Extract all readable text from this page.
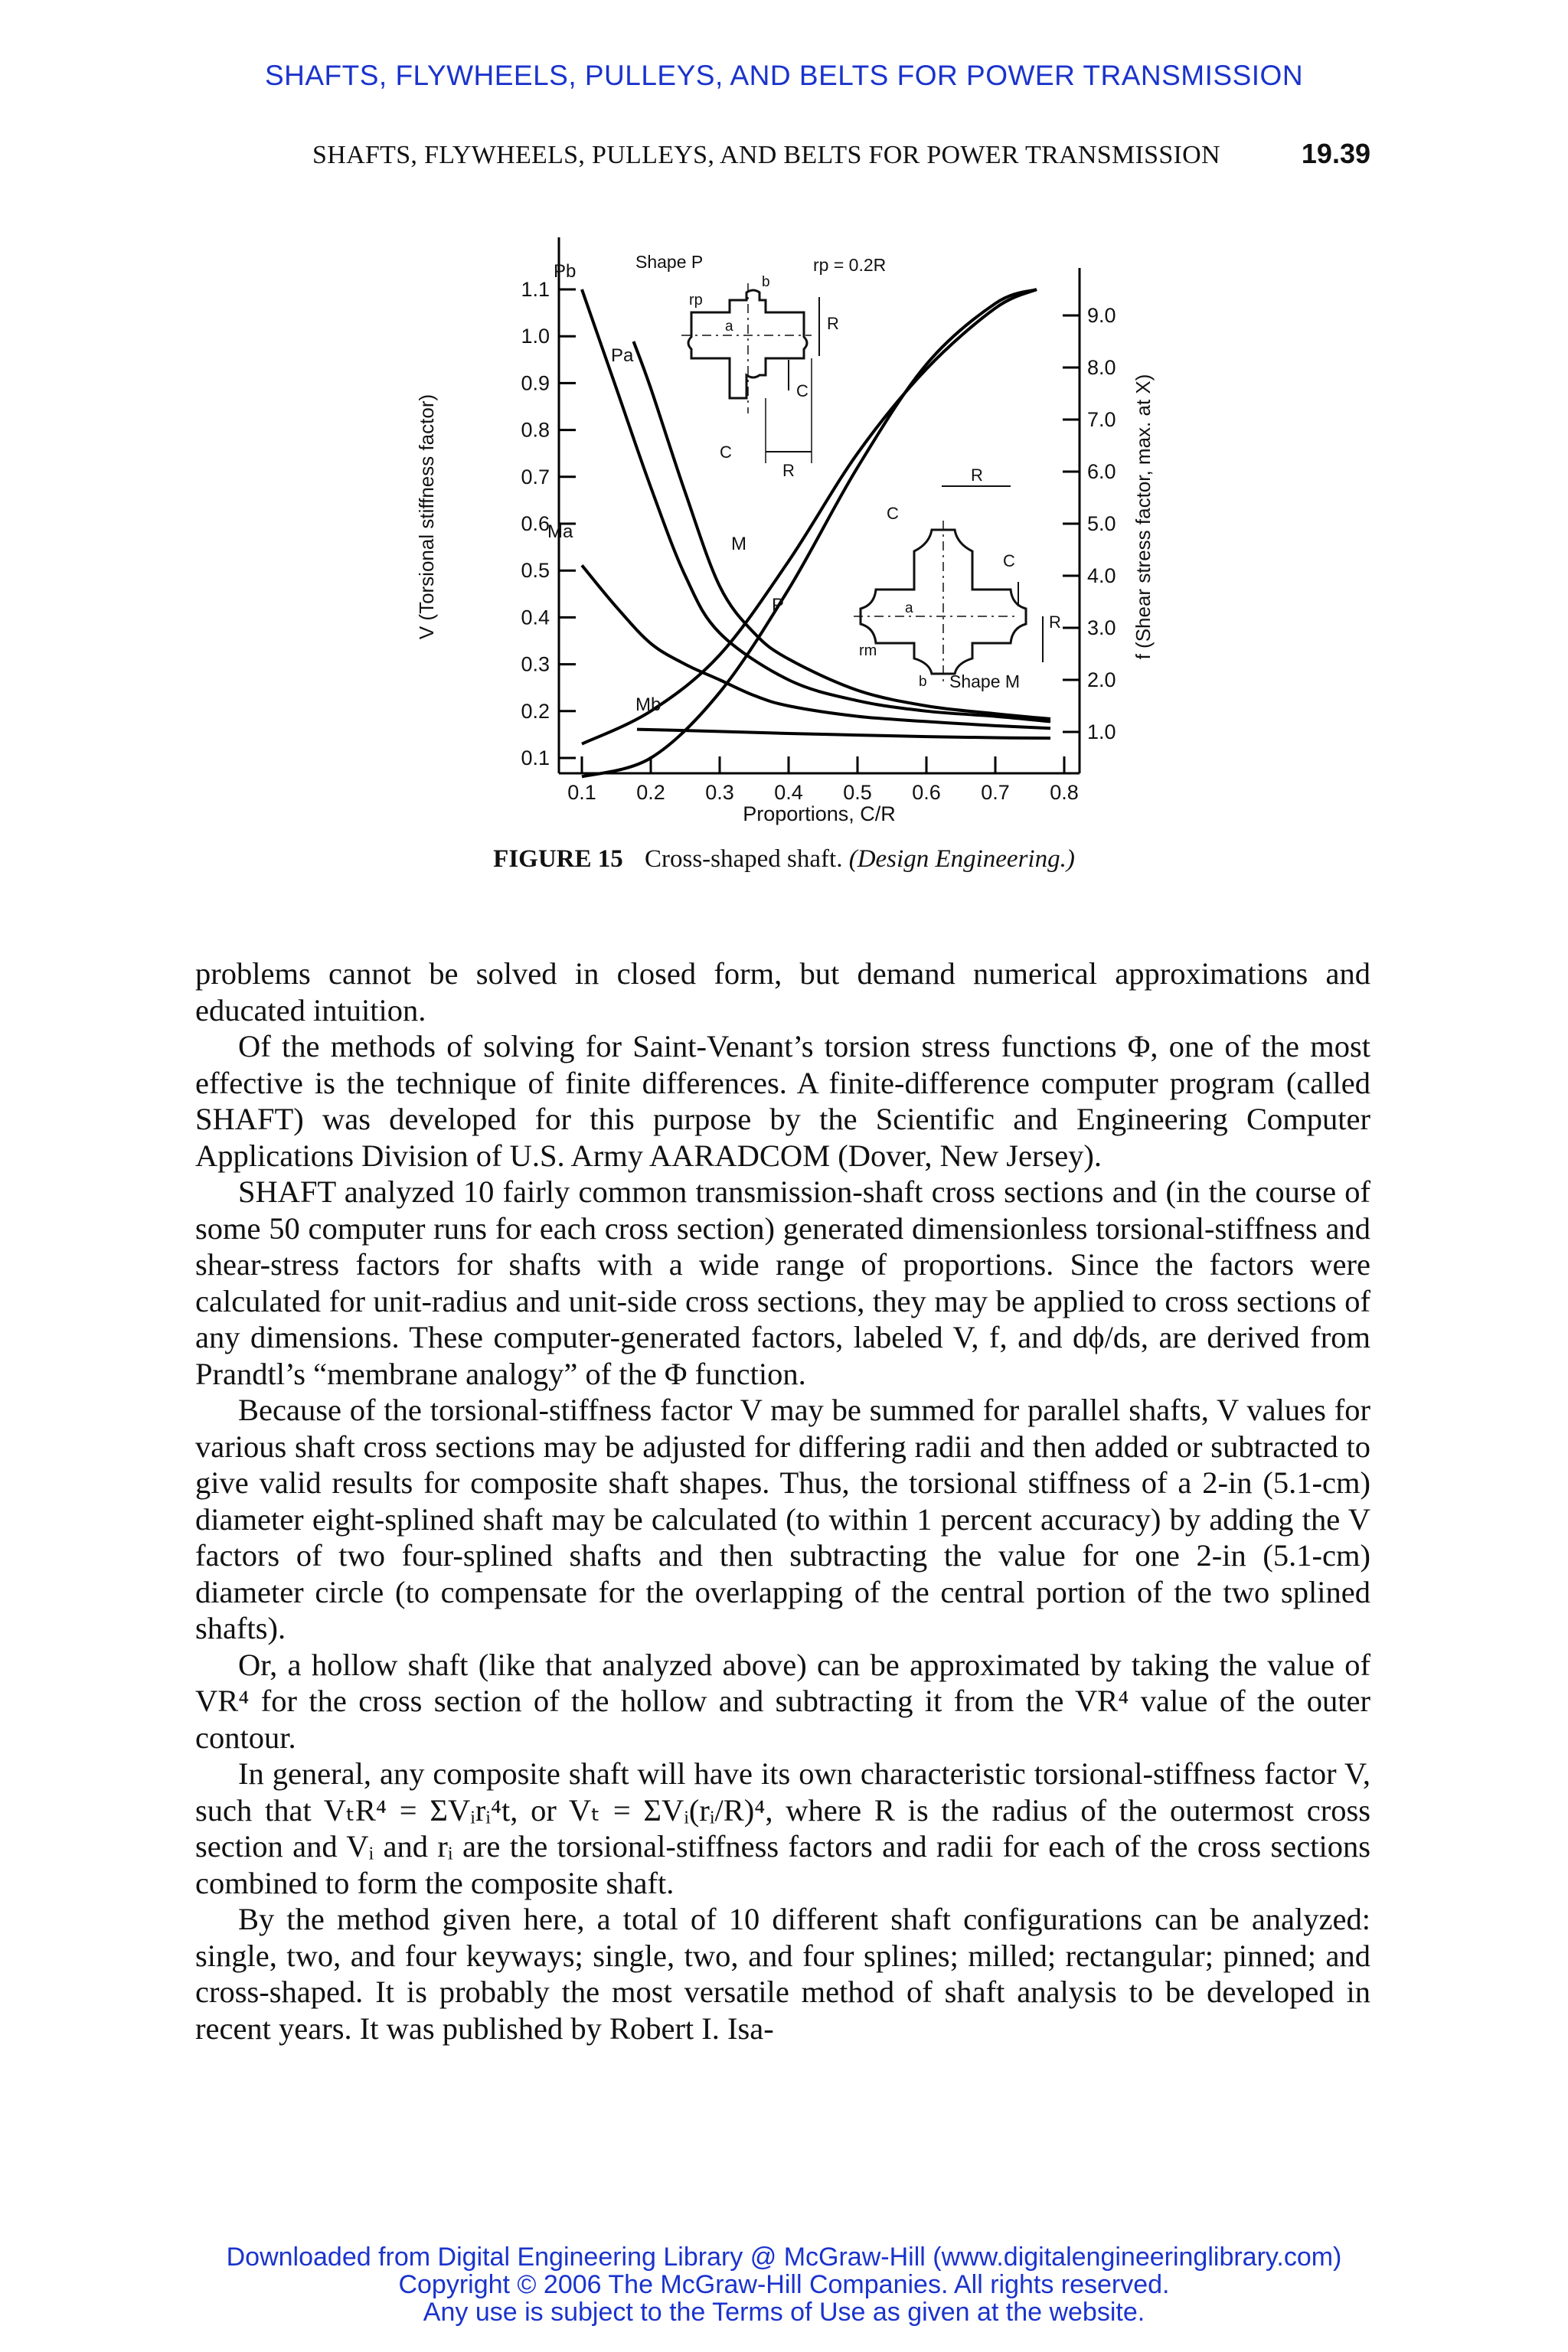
SHAFTS, FLYWHEELS, PULLEYS, AND BELTS FOR POWER TRANSMISSION
SHAFTS, FLYWHEELS, PULLEYS, AND BELTS FOR POWER TRANSMISSION	19.39
0.1 0.2 0.3 0.4 0.5 0.6 0.7 0.8
0.1
0.2
0.3
0.4
0.5
0.6
0.7
0.8
0.9
1.0
1.1
1.0
2.0
3.0
4.0
5.0
6.0
7.0
8.0
9.0
V (Torsional stiffness factor)	f (Shear stress factor, max. at X)
Proportions, C/R
Pb
Pa
Ma
Mb
M
P
Shape P	rp = 0.2R
rp
a
b
R
C
C
R
Shape M
C
R
C
R
rm
a
b
FIGURE 15 Cross-shaped shaft. (Design Engineering.)

problems cannot be solved in closed form, but demand numerical approximations and educated intuition.

Of the methods of solving for Saint-Venant’s torsion stress functions Φ, one of the most effective is the technique of finite differences. A finite-difference computer program (called SHAFT) was developed for this purpose by the Scientific and Engineering Computer Applications Division of U.S. Army AARADCOM (Dover, New Jersey).

SHAFT analyzed 10 fairly common transmission-shaft cross sections and (in the course of some 50 computer runs for each cross section) generated dimensionless torsional-stiffness and shear-stress factors for shafts with a wide range of proportions. Since the factors were calculated for unit-radius and unit-side cross sections, they may be applied to cross sections of any dimensions. These computer-generated factors, labeled V, f, and dϕ/ds, are derived from Prandtl’s “membrane analogy” of the Φ function.

Because of the torsional-stiffness factor V may be summed for parallel shafts, V values for various shaft cross sections may be adjusted for differing radii and then added or subtracted to give valid results for composite shaft shapes. Thus, the torsional stiffness of a 2-in (5.1-cm) diameter eight-splined shaft may be calculated (to within 1 percent accuracy) by adding the V factors of two four-splined shafts and then subtracting the value for one 2-in (5.1-cm) diameter circle (to compensate for the overlapping of the central portion of the two splined shafts).

Or, a hollow shaft (like that analyzed above) can be approximated by taking the value of VR⁴ for the cross section of the hollow and subtracting it from the VR⁴ value of the outer contour.

In general, any composite shaft will have its own characteristic torsional-stiffness factor V, such that VₜR⁴ = ΣVᵢrᵢ⁴t, or Vₜ = ΣVᵢ(rᵢ/R)⁴, where R is the radius of the outermost cross section and Vᵢ and rᵢ are the torsional-stiffness factors and radii for each of the cross sections combined to form the composite shaft.

By the method given here, a total of 10 different shaft configurations can be analyzed: single, two, and four keyways; single, two, and four splines; milled; rectangular; pinned; and cross-shaped. It is probably the most versatile method of shaft analysis to be developed in recent years. It was published by Robert I. Isa-

Downloaded from Digital Engineering Library @ McGraw-Hill (www.digitalengineeringlibrary.com)
Copyright © 2006 The McGraw-Hill Companies. All rights reserved.
Any use is subject to the Terms of Use as given at the website.
